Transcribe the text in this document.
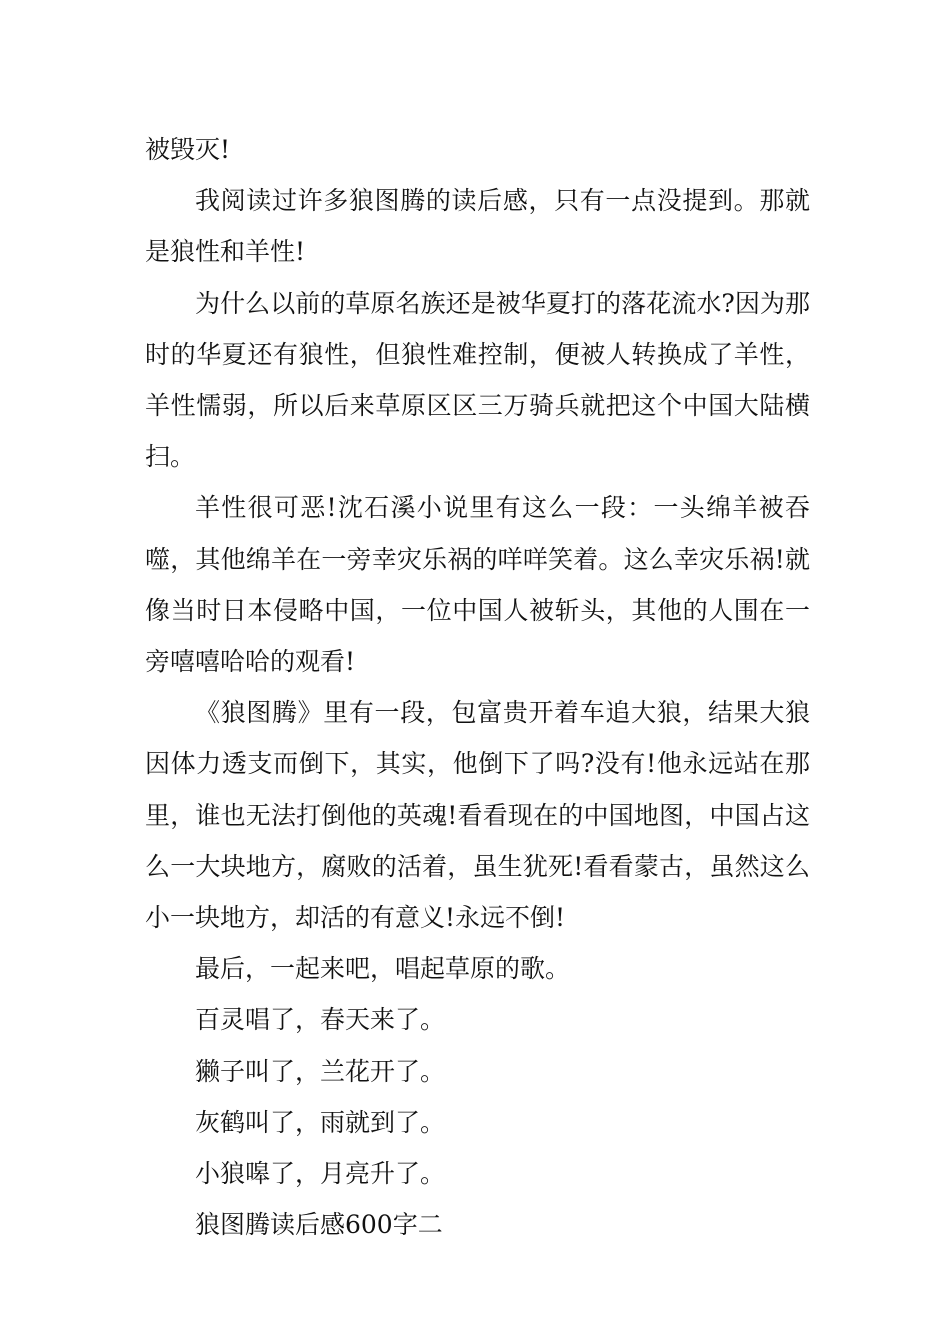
被毁灭!

我阅读过许多狼图腾的读后感，只有一点没提到。那就是狼性和羊性!

为什么以前的草原名族还是被华夏打的落花流水?因为那时的华夏还有狼性，但狼性难控制，便被人转换成了羊性，羊性懦弱，所以后来草原区区三万骑兵就把这个中国大陆横扫。

羊性很可恶!沈石溪小说里有这么一段：一头绵羊被吞噬，其他绵羊在一旁幸灾乐祸的咩咩笑着。这么幸灾乐祸!就像当时日本侵略中国，一位中国人被斩头，其他的人围在一旁嘻嘻哈哈的观看!

《狼图腾》里有一段，包富贵开着车追大狼，结果大狼因体力透支而倒下，其实，他倒下了吗?没有!他永远站在那里，谁也无法打倒他的英魂!看看现在的中国地图，中国占这么一大块地方，腐败的活着，虽生犹死!看看蒙古，虽然这么小一块地方，却活的有意义!永远不倒!

最后，一起来吧，唱起草原的歌。

百灵唱了，春天来了。

獭子叫了，兰花开了。

灰鹤叫了，雨就到了。

小狼嗥了，月亮升了。

狼图腾读后感600字二
